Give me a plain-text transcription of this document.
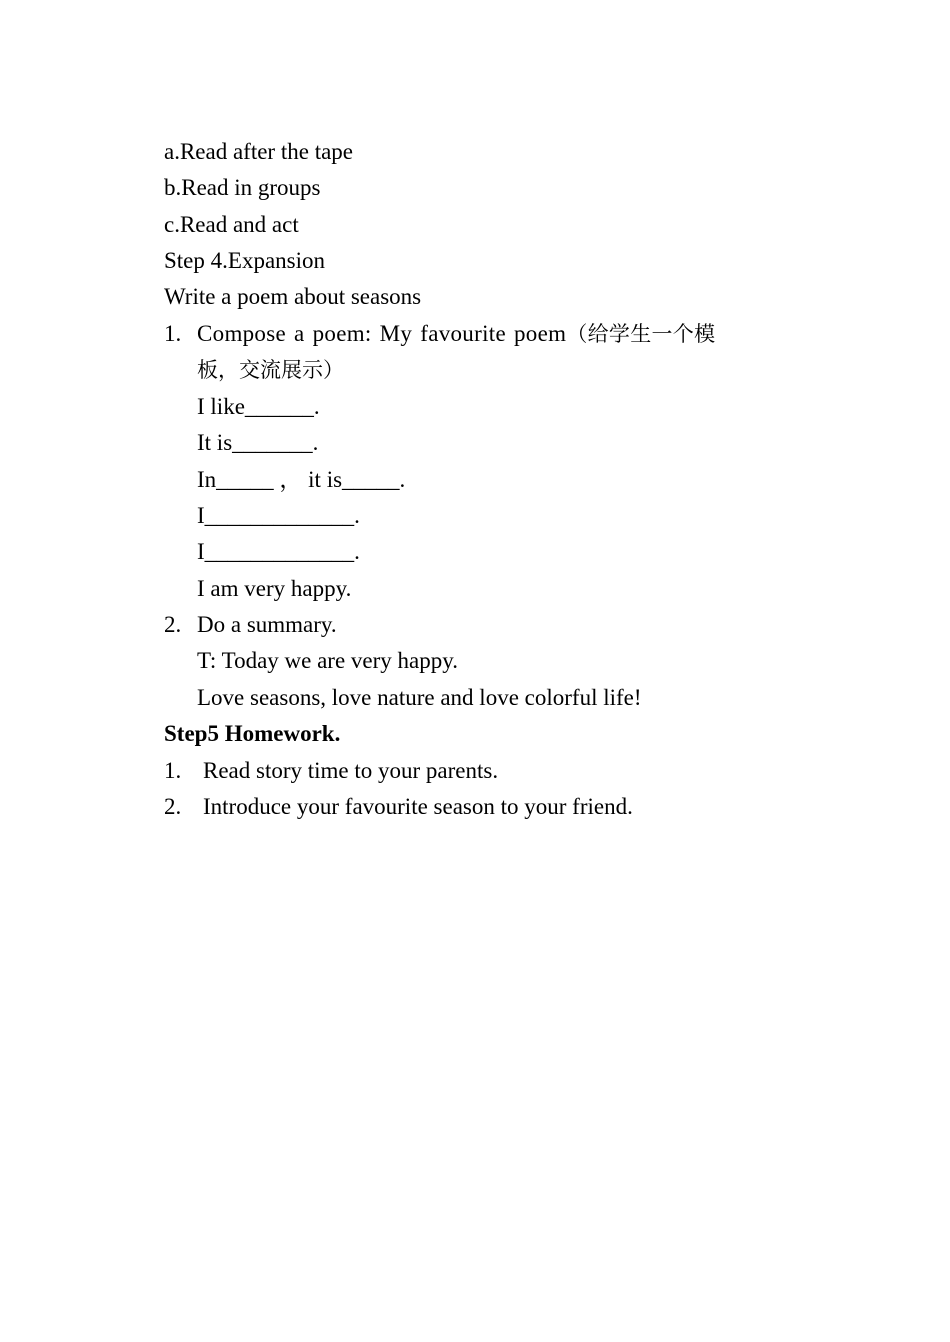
a.Read after the tape
b.Read in groups
c.Read and act
Step 4.Expansion
Write a poem about seasons
1. Compose a poem: My favourite poem（给学生一个模
板，交流展示）
I like______.
It is_______.
In_____ ， it is_____.
I_____________.
I_____________.
I am very happy.
2. Do a summary.
T: Today we are very happy.
Love seasons, love nature and love colorful life!
Step5 Homework.
1. Read story time to your parents.
2. Introduce your favourite season to your friend.
